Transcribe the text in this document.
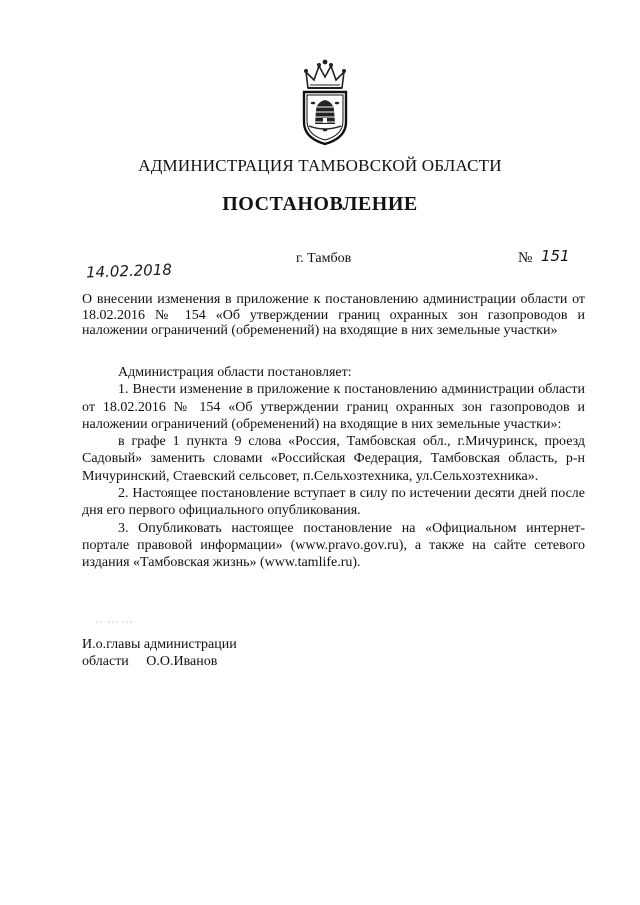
АДМИНИСТРАЦИЯ ТАМБОВСКОЙ ОБЛАСТИ
ПОСТАНОВЛЕНИЕ
14.02.2018
г. Тамбов	№ 151

О внесении изменения в приложение к постановлению администрации области от 18.02.2016 № 154 «Об утверждении границ охранных зон газопроводов и наложении ограничений (обременений) на входящие в них земельные участки»

Администрация области постановляет:

1. Внести изменение в приложение к постановлению администрации области от 18.02.2016 № 154 «Об утверждении границ охранных зон газопроводов и наложении ограничений (обременений) на входящие в них земельные участки»:

в графе 1 пункта 9 слова «Россия, Тамбовская обл., г.Мичуринск, проезд Садовый» заменить словами «Российская Федерация, Тамбовская область, р-н Мичуринский, Стаевский сельсовет, п.Сельхозтехника, ул.Сельхозтехника».

2. Настоящее постановление вступает в силу по истечении десяти дней после дня его первого официального опубликования.

3. Опубликовать настоящее постановление на «Официальном интернет-портале правовой информации» (www.pravo.gov.ru), а также на сайте сетевого издания «Тамбовская жизнь» (www.tamlife.ru).

И.о.главы администрации
области     О.О.Иванов
